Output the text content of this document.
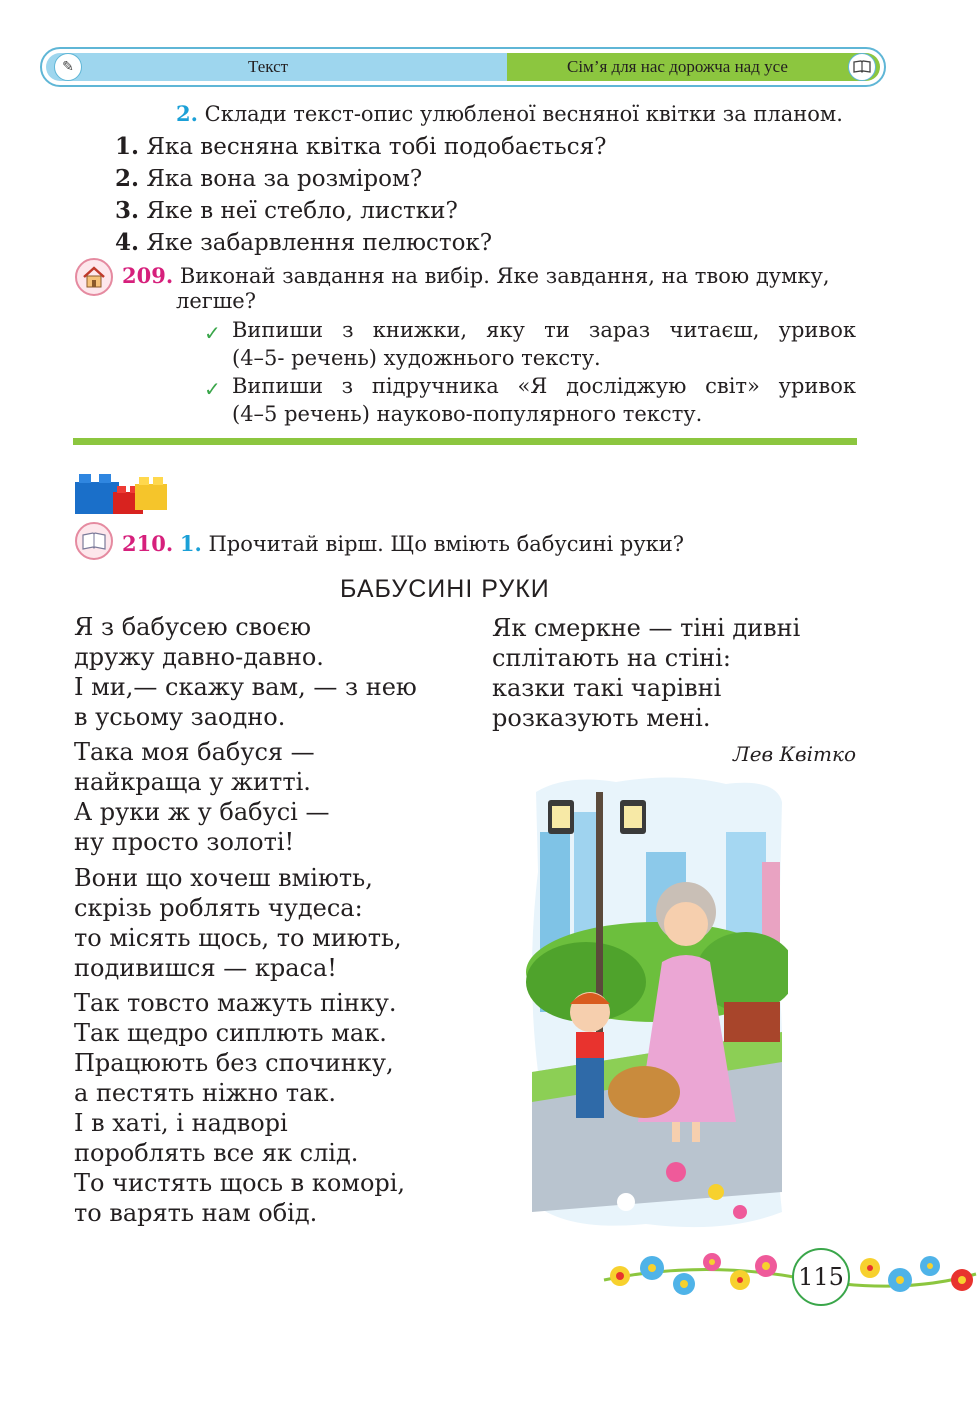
✎	Текст	Сім’я для нас дорожча над усе
2. Склади текст-опис улюбленої весняної квітки за планом.
1. Яка весняна квітка тобі подобається?
2. Яка вона за розміром?
3. Яке в неї стебло, листки?
4. Яке забарвлення пелюсток?
209. Виконай завдання на вибір. Яке завдання, на твою думку,
легше?
✓ Випиши з книжки, яку ти зараз читаєш, уривок
(4–5- речень) художнього тексту.
✓ Випиши з підручника «Я досліджую світ» уривок
(4–5 речень) науково-популярного тексту.
210. 1. Прочитай вірш. Що вміють бабусині руки?
БАБУСИНІ РУКИ
Я з бабусею своєю
дружу давно-давно.
І ми,— скажу вам, — з нею
в усьому заодно.
Така моя бабуся —
найкраща у житті.
А руки ж у бабусі —
ну просто золоті!
Вони що хочеш вміють,
скрізь роблять чудеса:
то місять щось, то миють,
подивишся — краса!
Так товсто мажуть пінку.
Так щедро сиплють мак.
Працюють без спочинку,
а пестять ніжно так.
І в хаті, і надворі
пороблять все як слід.
То чистять щось в коморі,
то варять нам обід.
Як смеркне — тіні дивні
сплітають на стіні:
казки такі чарівні
розказують мені.
Лев Квітко
115
